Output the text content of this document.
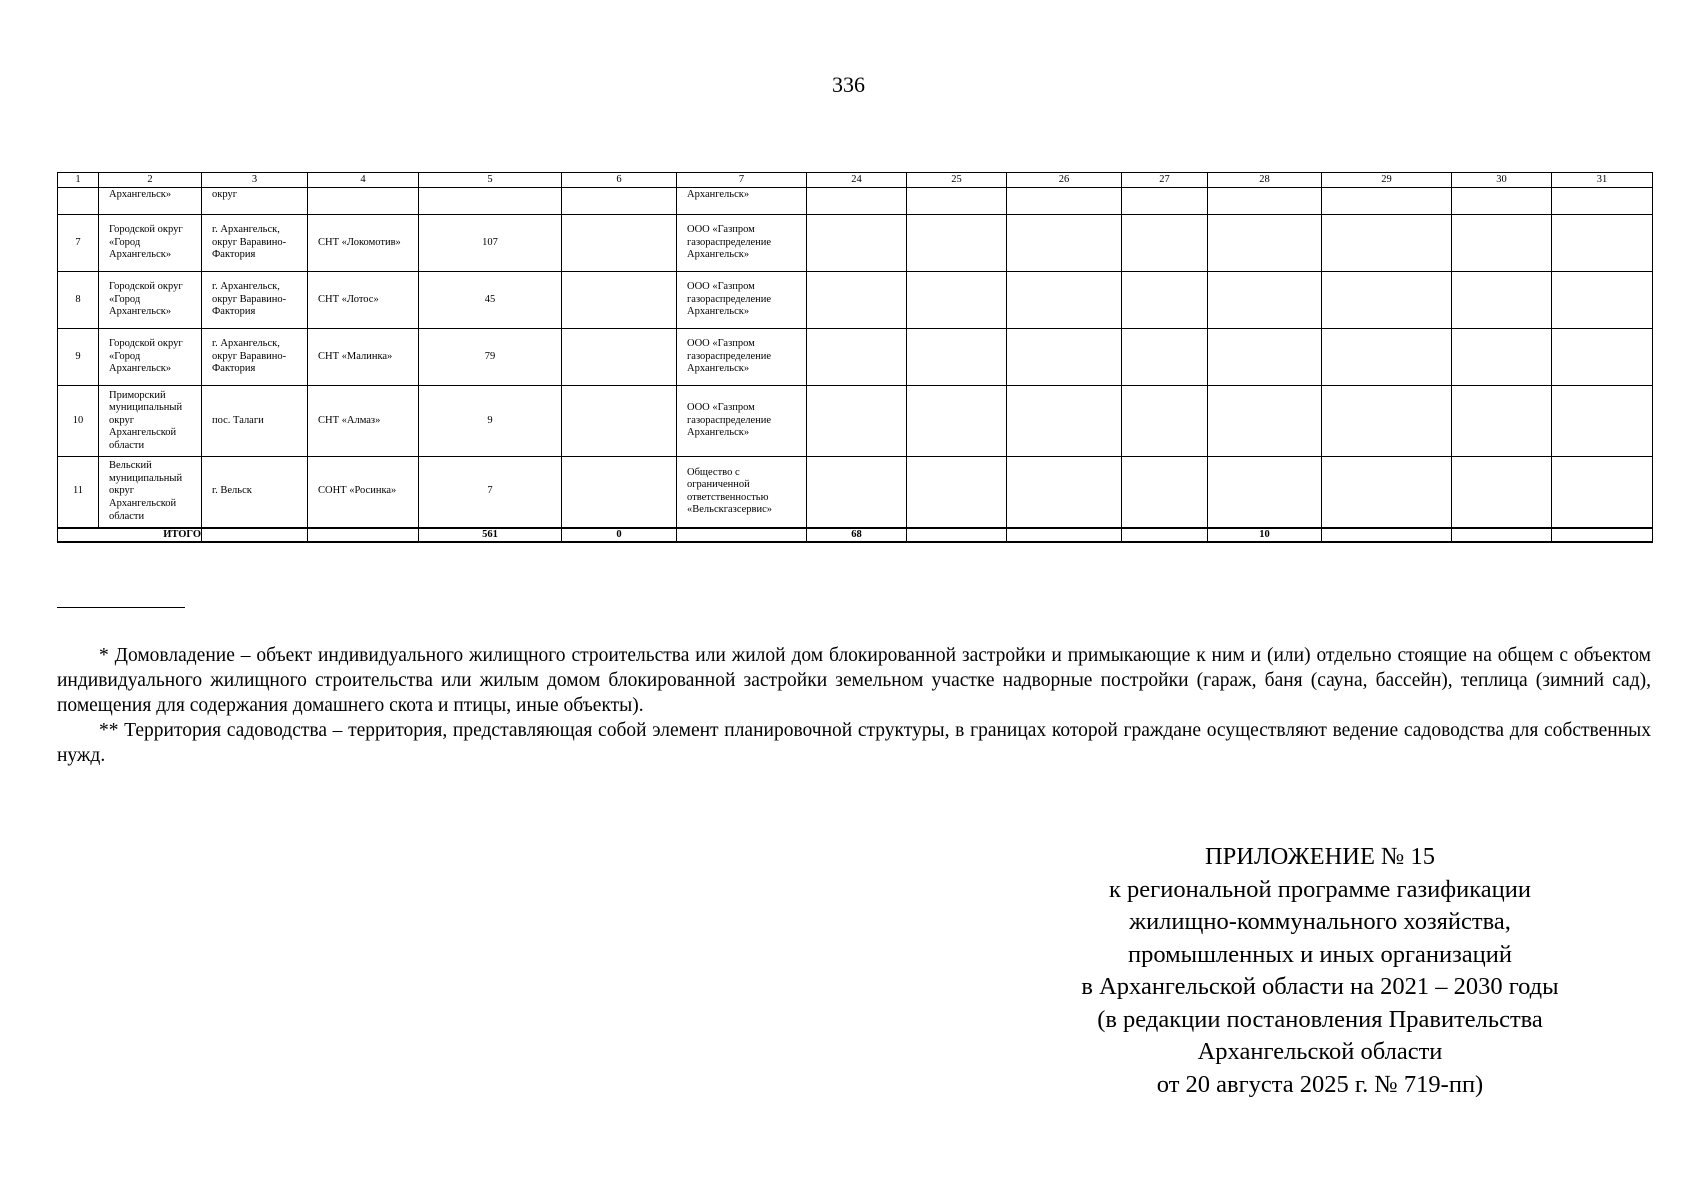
336
1	2	3	4	5	6	7	24	25	26	27	28	29	30	31
	Архангельск»	округ				Архангельск»								
7	Городской округ «Город Архангельск»	г. Архангельск, округ Варавино-Фактория	СНТ «Локомотив»	107		ООО «Газпром газораспределение Архангельск»								
8	Городской округ «Город Архангельск»	г. Архангельск, округ Варавино-Фактория	СНТ «Лотос»	45		ООО «Газпром газораспределение Архангельск»								
9	Городской округ «Город Архангельск»	г. Архангельск, округ Варавино-Фактория	СНТ «Малинка»	79		ООО «Газпром газораспределение Архангельск»								
10	Приморский муниципальный округ Архангельской области	пос. Талаги	СНТ «Алмаз»	9		ООО «Газпром газораспределение Архангельск»								
11	Вельский муниципальный округ Архангельской области	г. Вельск	СОНТ «Росинка»	7		Общество с ограниченной ответственностью «Вельскгазсервис»								
ИТОГО				561	0		68				10			

* Домовладение – объект индивидуального жилищного строительства или жилой дом блокированной застройки и примыкающие к ним и (или) отдельно стоящие на общем с объектом индивидуального жилищного строительства или жилым домом блокированной застройки земельном участке надворные постройки (гараж, баня (сауна, бассейн), теплица (зимний сад), помещения для содержания домашнего скота и птицы, иные объекты).

** Территория садоводства – территория, представляющая собой элемент планировочной структуры, в границах которой граждане осуществляют ведение садоводства для собственных нужд.

ПРИЛОЖЕНИЕ № 15
к региональной программе газификации
жилищно-коммунального хозяйства,
промышленных и иных организаций
в Архангельской области на 2021 – 2030 годы
(в редакции постановления Правительства
Архангельской области
от 20 августа 2025 г. № 719-пп)
